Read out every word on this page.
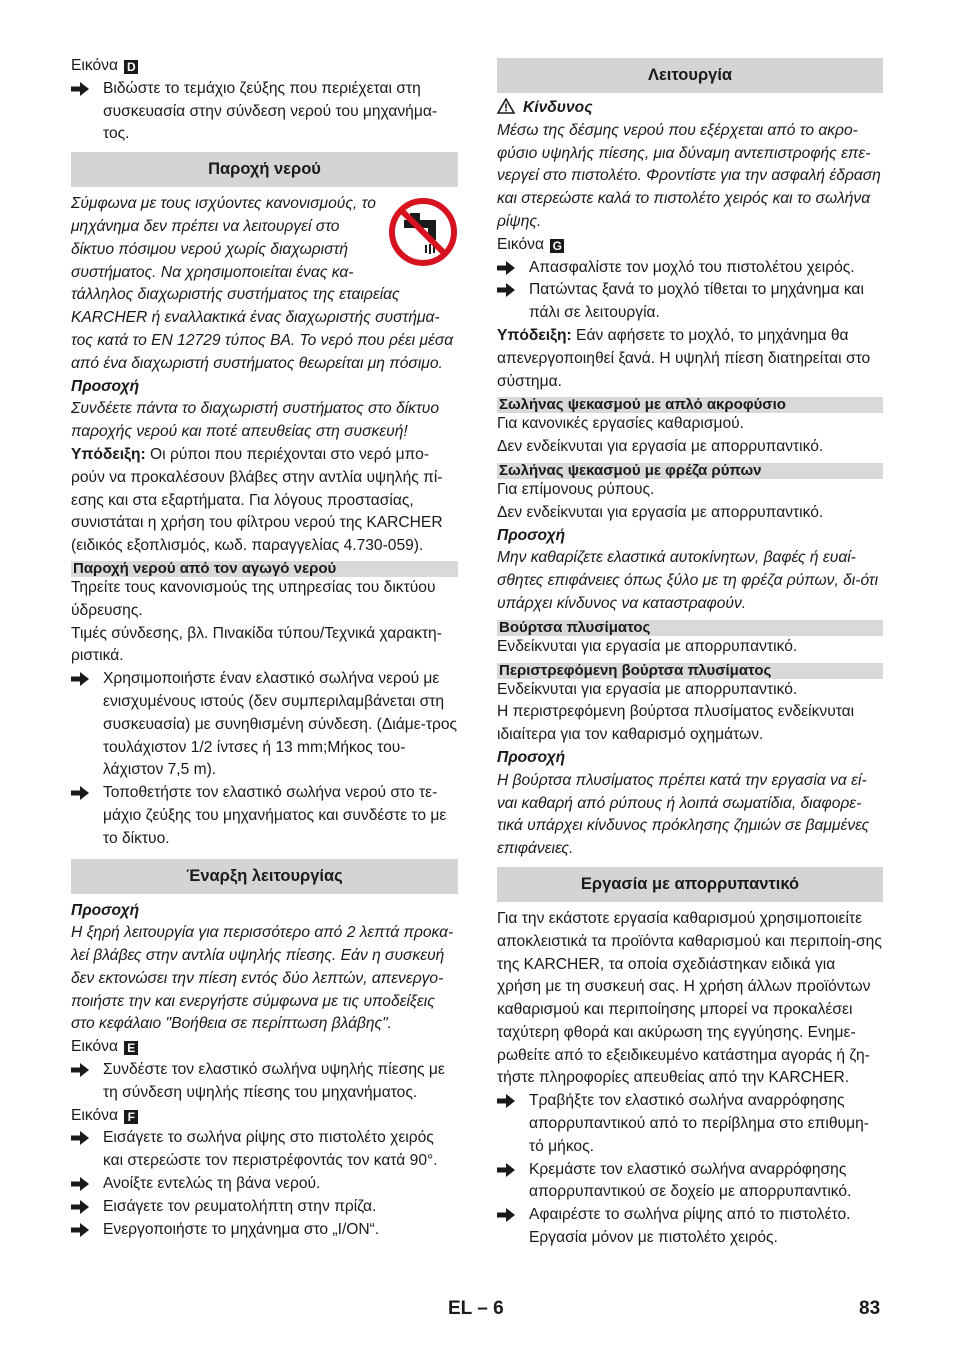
Εικόνα D

Βιδώστε το τεμάχιο ζεύξης που περιέχεται στη συσκευασία στην σύνδεση νερού του μηχανήμα-τος.

Παροχή νερού

Σύμφωνα με τους ισχύοντες κανονισμούς, το μηχάνημα δεν πρέπει να λειτουργεί στο δίκτυο πόσιμου νερού χωρίς διαχωριστή συστήματος. Να χρησιμοποιείται ένας κα-τάλληλος διαχωριστής συστήματος της εταιρείας KARCHER ή εναλλακτικά ένας διαχωριστής συστήμα-τος κατά το EN 12729 τύπος BA. Το νερό που ρέει μέσα από ένα διαχωριστή συστήματος θεωρείται μη πόσιμο.

Προσοχή

Συνδέετε πάντα το διαχωριστή συστήματος στο δίκτυο παροχής νερού και ποτέ απευθείας στη συσκευή!

Υπόδειξη: Οι ρύποι που περιέχονται στο νερό μπο-ρούν να προκαλέσουν βλάβες στην αντλία υψηλής πί-εσης και στα εξαρτήματα. Για λόγους προστασίας, συνιστάται η χρήση του φίλτρου νερού της KARCHER (ειδικός εξοπλισμός, κωδ. παραγγελίας 4.730-059).

Παροχή νερού από τον αγωγό νερού

Τηρείτε τους κανονισμούς της υπηρεσίας του δικτύου ύδρευσης.

Τιμές σύνδεσης, βλ. Πινακίδα τύπου/Τεχνικά χαρακτη-ριστικά.

Χρησιμοποιήστε έναν ελαστικό σωλήνα νερού με ενισχυμένους ιστούς (δεν συμπεριλαμβάνεται στη συσκευασία) με συνηθισμένη σύνδεση. (Διάμε-τρος τουλάχιστον 1/2 ίντσες ή 13 mm;Μήκος του-λάχιστον 7,5 m).

Τοποθετήστε τον ελαστικό σωλήνα νερού στο τε-μάχιο ζεύξης του μηχανήματος και συνδέστε το με το δίκτυο.

Έναρξη λειτουργίας

Προσοχή

Η ξηρή λειτουργία για περισσότερο από 2 λεπτά προκα-λεί βλάβες στην αντλία υψηλής πίεσης. Εάν η συσκευή δεν εκτονώσει την πίεση εντός δύο λεπτών, απενεργο-ποιήστε την και ενεργήστε σύμφωνα με τις υποδείξεις στο κεφάλαιο "Βοήθεια σε περίπτωση βλάβης".

Εικόνα E

Συνδέστε τον ελαστικό σωλήνα υψηλής πίεσης με τη σύνδεση υψηλής πίεσης του μηχανήματος.

Εικόνα F

Εισάγετε το σωλήνα ρίψης στο πιστολέτο χειρός και στερεώστε τον περιστρέφοντάς τον κατά 90°.

Ανοίξτε εντελώς τη βάνα νερού.

Εισάγετε τον ρευματολήπτη στην πρίζα.

Ενεργοποιήστε το μηχάνημα στο „I/ON“.

Λειτουργία

Κίνδυνος

Μέσω της δέσμης νερού που εξέρχεται από το ακρο-φύσιο υψηλής πίεσης, μια δύναμη αντεπιστροφής επε-νεργεί στο πιστολέτο. Φροντίστε για την ασφαλή έδραση και στερεώστε καλά το πιστολέτο χειρός και το σωλήνα ρίψης.

Εικόνα G

Απασφαλίστε τον μοχλό του πιστολέτου χειρός.

Πατώντας ξανά το μοχλό τίθεται το μηχάνημα και πάλι σε λειτουργία.

Υπόδειξη: Εάν αφήσετε το μοχλό, το μηχάνημα θα απενεργοποιηθεί ξανά. Η υψηλή πίεση διατηρείται στο σύστημα.

Σωλήνας ψεκασμού με απλό ακροφύσιο

Για κανονικές εργασίες καθαρισμού.

Δεν ενδείκνυται για εργασία με απορρυπαντικό.

Σωλήνας ψεκασμού με φρέζα ρύπων

Για επίμονους ρύπους.

Δεν ενδείκνυται για εργασία με απορρυπαντικό.

Προσοχή

Μην καθαρίζετε ελαστικά αυτοκίνητων, βαφές ή ευαί-σθητες επιφάνειες όπως ξύλο με τη φρέζα ρύπων, δι-ότι υπάρχει κίνδυνος να καταστραφούν.

Βούρτσα πλυσίματος

Ενδείκνυται για εργασία με απορρυπαντικό.

Περιστρεφόμενη βούρτσα πλυσίματος

Ενδείκνυται για εργασία με απορρυπαντικό.

Η περιστρεφόμενη βούρτσα πλυσίματος ενδείκνυται ιδιαίτερα για τον καθαρισμό οχημάτων.

Προσοχή

Η βούρτσα πλυσίματος πρέπει κατά την εργασία να εί-ναι καθαρή από ρύπους ή λοιπά σωματίδια, διαφορε-τικά υπάρχει κίνδυνος πρόκλησης ζημιών σε βαμμένες επιφάνειες.

Εργασία με απορρυπαντικό

Για την εκάστοτε εργασία καθαρισμού χρησιμοποιείτε αποκλειστικά τα προϊόντα καθαρισμού και περιποίη-σης της KARCHER, τα οποία σχεδιάστηκαν ειδικά για χρήση με τη συσκευή σας. Η χρήση άλλων προϊόντων καθαρισμού και περιποίησης μπορεί να προκαλέσει ταχύτερη φθορά και ακύρωση της εγγύησης. Ενημε-ρωθείτε από το εξειδικευμένο κατάστημα αγοράς ή ζη-τήστε πληροφορίες απευθείας από την KARCHER.

Τραβήξτε τον ελαστικό σωλήνα αναρρόφησης απορρυπαντικού από το περίβλημα στο επιθυμη-τό μήκος.

Κρεμάστε τον ελαστικό σωλήνα αναρρόφησης απορρυπαντικού σε δοχείο με απορρυπαντικό.

Αφαιρέστε το σωλήνα ρίψης από το πιστολέτο. Εργασία μόνον με πιστολέτο χειρός.

EL – 6	83
